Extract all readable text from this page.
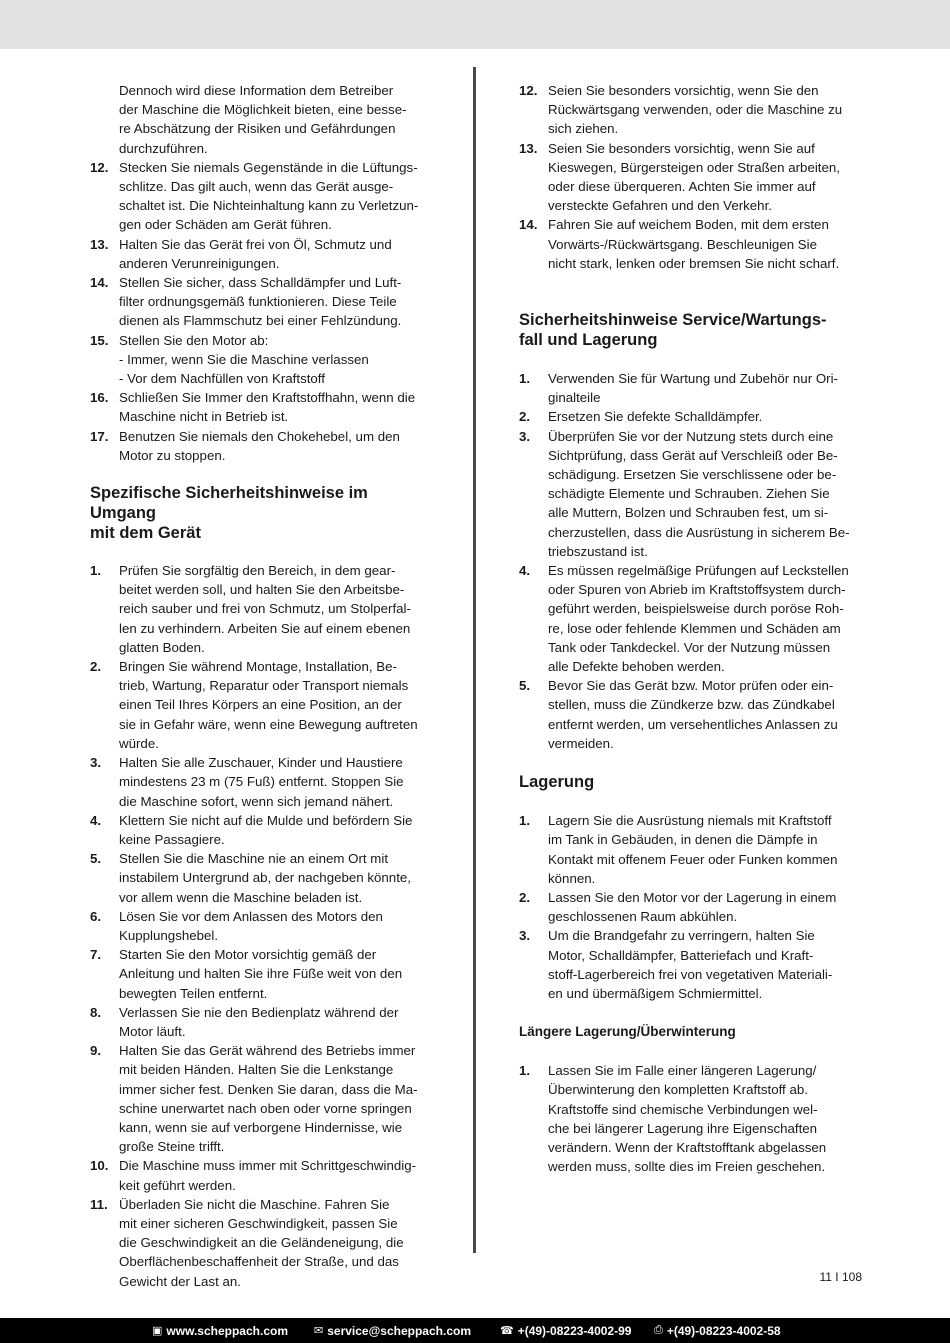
Dennoch wird diese Information dem Betreiber
der Maschine die Möglichkeit bieten, eine besse-
re Abschätzung der Risiken und Gefährdungen
durchzuführen.
12. Stecken Sie niemals Gegenstände in die Lüftungs-
schlitze. Das gilt auch, wenn das Gerät ausge-
schaltet ist. Die Nichteinhaltung kann zu Verletzun-
gen oder Schäden am Gerät führen.
13. Halten Sie das Gerät frei von Öl, Schmutz und
anderen Verunreinigungen.
14. Stellen Sie sicher, dass Schalldämpfer und Luft-
filter ordnungsgemäß funktionieren. Diese Teile
dienen als Flammschutz bei einer Fehlzündung.
15. Stellen Sie den Motor ab:
- Immer, wenn Sie die Maschine verlassen
- Vor dem Nachfüllen von Kraftstoff
16. Schließen Sie Immer den Kraftstoffhahn, wenn die
Maschine nicht in Betrieb ist.
17. Benutzen Sie niemals den Chokehebel, um den
Motor zu stoppen.
Spezifische Sicherheitshinweise im Umgang
mit dem Gerät
1.	Prüfen Sie sorgfältig den Bereich, in dem gear-
beitet werden soll, und halten Sie den Arbeitsbe-
reich sauber und frei von Schmutz, um Stolperfal-
len zu verhindern. Arbeiten Sie auf einem ebenen
glatten Boden.
2.	Bringen Sie während Montage, Installation, Be-
trieb, Wartung, Reparatur oder Transport niemals
einen Teil Ihres Körpers an eine Position, an der
sie in Gefahr wäre, wenn eine Bewegung auftreten
würde.
3.	Halten Sie alle Zuschauer, Kinder und Haustiere
mindestens 23 m (75 Fuß) entfernt. Stoppen Sie
die Maschine sofort, wenn sich jemand nähert.
4.	Klettern Sie nicht auf die Mulde und befördern Sie
keine Passagiere.
5.	Stellen Sie die Maschine nie an einem Ort mit
instabilem Untergrund ab, der nachgeben könnte,
vor allem wenn die Maschine beladen ist.
6.	Lösen Sie vor dem Anlassen des Motors den
Kupplungshebel.
7.	Starten Sie den Motor vorsichtig gemäß der
Anleitung und halten Sie ihre Füße weit von den
bewegten Teilen entfernt.
8.	Verlassen Sie nie den Bedienplatz während der
Motor läuft.
9.	Halten Sie das Gerät während des Betriebs immer
mit beiden Händen. Halten Sie die Lenkstange
immer sicher fest. Denken Sie daran, dass die Ma-
schine unerwartet nach oben oder vorne springen
kann, wenn sie auf verborgene Hindernisse, wie
große Steine trifft.
10. Die Maschine muss immer mit Schrittgeschwindig-
keit geführt werden.
11. Überladen Sie nicht die Maschine. Fahren Sie
mit einer sicheren Geschwindigkeit, passen Sie
die Geschwindigkeit an die Geländeneigung, die
Oberflächenbeschaffenheit der Straße, und das
Gewicht der Last an.
12. Seien Sie besonders vorsichtig, wenn Sie den
Rückwärtsgang verwenden, oder die Maschine zu
sich ziehen.
13. Seien Sie besonders vorsichtig, wenn Sie auf
Kieswegen, Bürgersteigen oder Straßen arbeiten,
oder diese überqueren. Achten Sie immer auf
versteckte Gefahren und den Verkehr.
14. Fahren Sie auf weichem Boden, mit dem ersten
Vorwärts-/Rückwärtsgang. Beschleunigen Sie
nicht stark, lenken oder bremsen Sie nicht scharf.
Sicherheitshinweise Service/Wartungs-
fall und Lagerung
1.	Verwenden Sie für Wartung und Zubehör nur Ori-
ginalteile
2.	Ersetzen Sie defekte Schalldämpfer.
3.	Überprüfen Sie vor der Nutzung stets durch eine
Sichtprüfung, dass Gerät auf Verschleiß oder Be-
schädigung. Ersetzen Sie verschlissene oder be-
schädigte Elemente und Schrauben. Ziehen Sie
alle Muttern, Bolzen und Schrauben fest, um si-
cherzustellen, dass die Ausrüstung in sicherem Be-
triebszustand ist.
4.	Es müssen regelmäßige Prüfungen auf Leckstellen
oder Spuren von Abrieb im Kraftstoffsystem durch-
geführt werden, beispielsweise durch poröse Roh-
re, lose oder fehlende Klemmen und Schäden am
Tank oder Tankdeckel. Vor der Nutzung müssen
alle Defekte behoben werden.
5.	Bevor Sie das Gerät bzw. Motor prüfen oder ein-
stellen, muss die Zündkerze bzw. das Zündkabel
entfernt werden, um versehentliches Anlassen zu
vermeiden.
Lagerung
1.	Lagern Sie die Ausrüstung niemals mit Kraftstoff
im Tank in Gebäuden, in denen die Dämpfe in
Kontakt mit offenem Feuer oder Funken kommen
können.
2.	Lassen Sie den Motor vor der Lagerung in einem
geschlossenen Raum abkühlen.
3.	Um die Brandgefahr zu verringern, halten Sie
Motor, Schalldämpfer, Batteriefach und Kraft-
stoff-Lagerbereich frei von vegetativen Materiali-
en und übermäßigem Schmiermittel.
Längere Lagerung/Überwinterung
1.	Lassen Sie im Falle einer längeren Lagerung/
Überwinterung den kompletten Kraftstoff ab.
Kraftstoffe sind chemische Verbindungen wel-
che bei längerer Lagerung ihre Eigenschaften
verändern. Wenn der Kraftstofftank abgelassen
werden muss, sollte dies im Freien geschehen.
11 I 108
▣ www.scheppach.com ✉ service@scheppach.com	☎ +(49)-08223-4002-99 ⎙ +(49)-08223-4002-58
